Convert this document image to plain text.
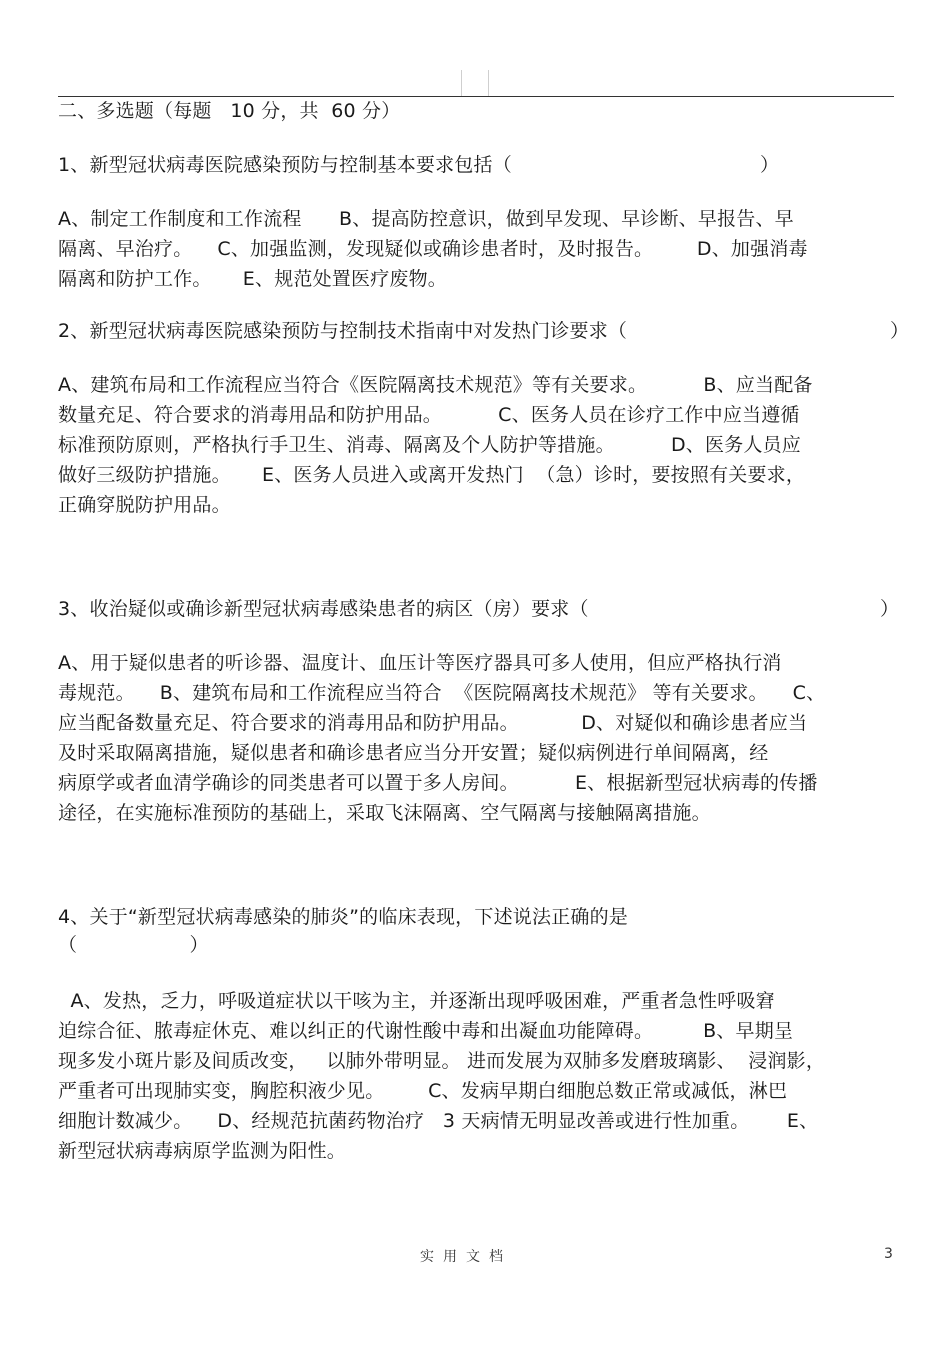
二、多选题（每题   10 分，共  60 分）
1、新型冠状病毒医院感染预防与控制基本要求包括（	）
A、制定工作制度和工作流程      B、提高防控意识，做到早发现、早诊断、早报告、早
隔离、早治疗。    C、加强监测，发现疑似或确诊患者时，及时报告。       D、加强消毒
隔离和防护工作。     E、规范处置医疗废物。
2、新型冠状病毒医院感染预防与控制技术指南中对发热门诊要求（	）
A、建筑布局和工作流程应当符合《医院隔离技术规范》等有关要求。         B、应当配备
数量充足、符合要求的消毒用品和防护用品。         C、医务人员在诊疗工作中应当遵循
标准预防原则，严格执行手卫生、消毒、隔离及个人防护等措施。         D、医务人员应
做好三级防护措施。     E、医务人员进入或离开发热门  （急）诊时，要按照有关要求，
正确穿脱防护用品。
3、收治疑似或确诊新型冠状病毒感染患者的病区（房）要求（	）
A、用于疑似患者的听诊器、温度计、血压计等医疗器具可多人使用，但应严格执行消
毒规范。    B、建筑布局和工作流程应当符合  《医院隔离技术规范》 等有关要求。    C、
应当配备数量充足、符合要求的消毒用品和防护用品。          D、对疑似和确诊患者应当
及时采取隔离措施，疑似患者和确诊患者应当分开安置；疑似病例进行单间隔离，经
病原学或者血清学确诊的同类患者可以置于多人房间。         E、根据新型冠状病毒的传播
途径，在实施标准预防的基础上，采取飞沫隔离、空气隔离与接触隔离措施。
4、关于“新型冠状病毒感染的肺炎”的临床表现，下述说法正确的是
（                  ）
A、发热，乏力，呼吸道症状以干咳为主，并逐渐出现呼吸困难，严重者急性呼吸窘
迫综合征、脓毒症休克、难以纠正的代谢性酸中毒和出凝血功能障碍。        B、早期呈
现多发小斑片影及间质改变，   以肺外带明显。 进而发展为双肺多发磨玻璃影、  浸润影，
严重者可出现肺实变，胸腔积液少见。       C、发病早期白细胞总数正常或减低，淋巴
细胞计数减少。    D、经规范抗菌药物治疗   3 天病情无明显改善或进行性加重。      E、
新型冠状病毒病原学监测为阳性。
实用文档	3
